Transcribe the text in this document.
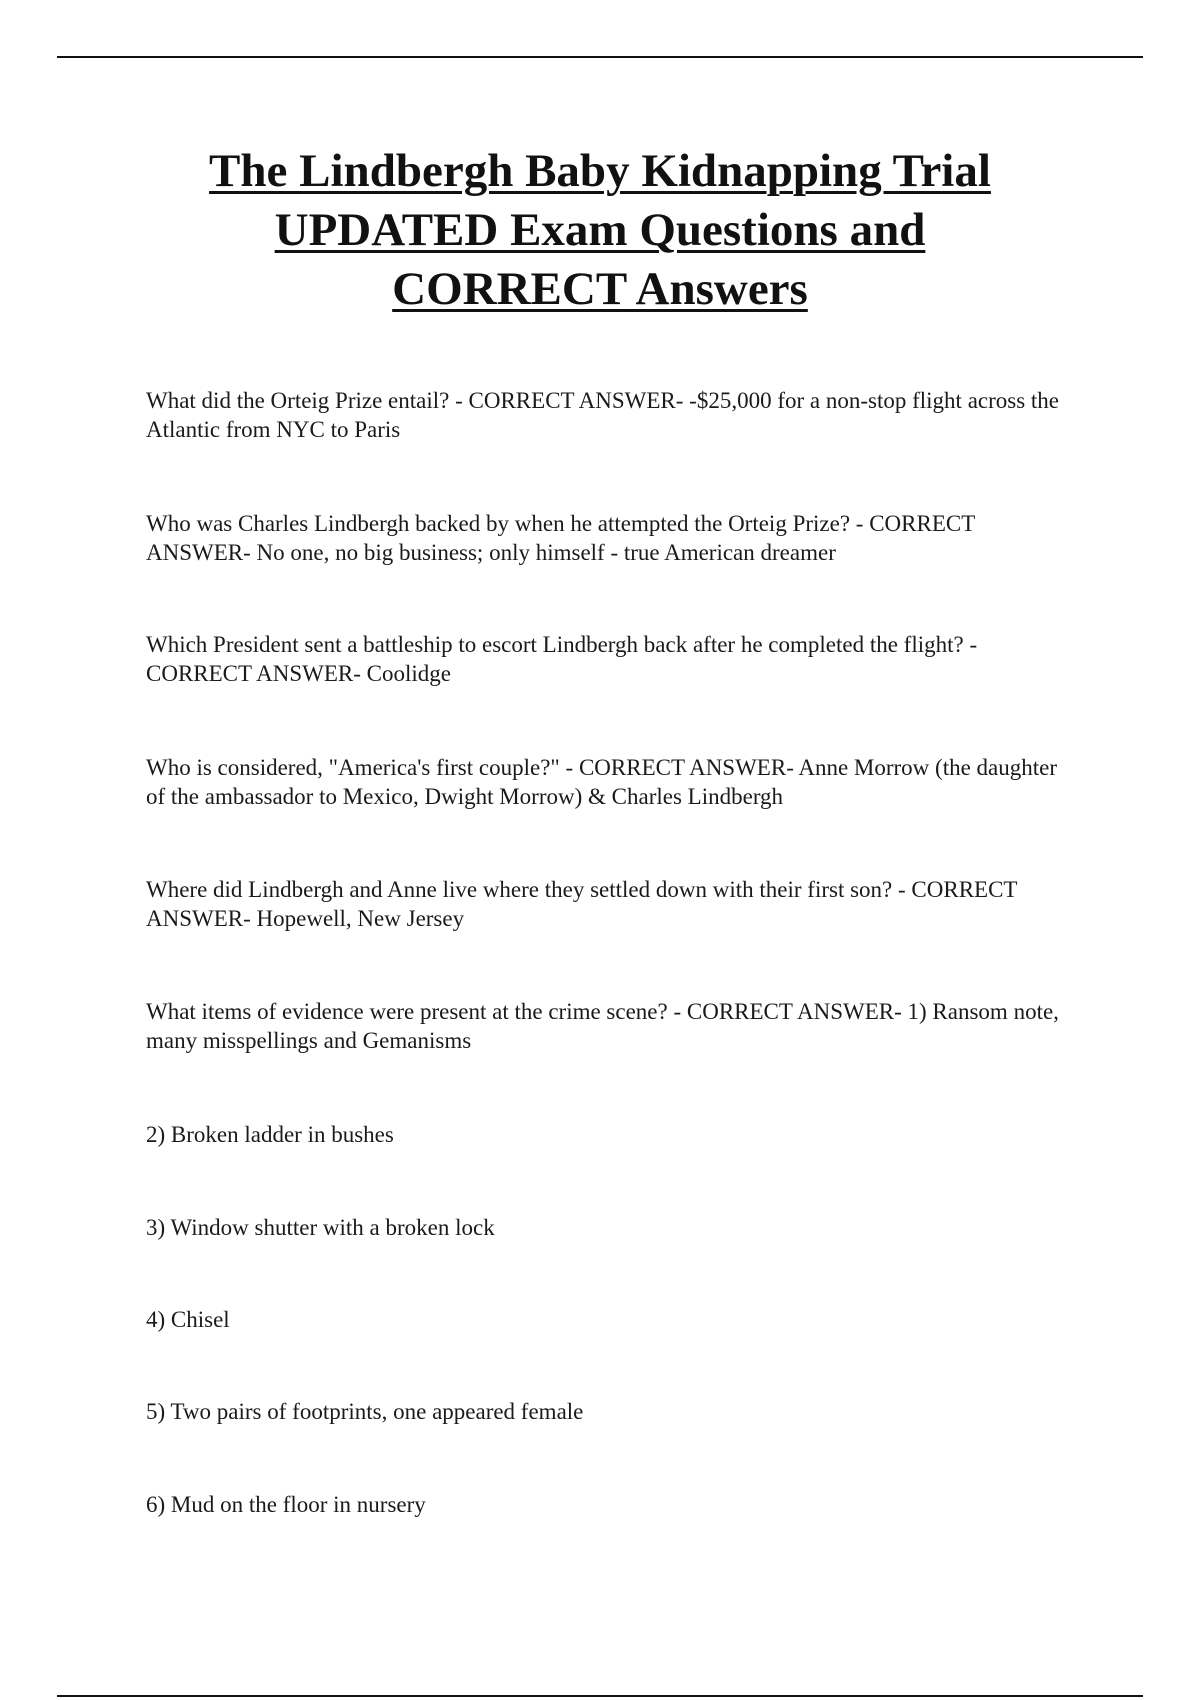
The Lindbergh Baby Kidnapping Trial
UPDATED Exam Questions and
CORRECT Answers

What did the Orteig Prize entail? - CORRECT ANSWER- -$25,000 for a non-stop flight across the Atlantic from NYC to Paris

Who was Charles Lindbergh backed by when he attempted the Orteig Prize? - CORRECT ANSWER- No one, no big business; only himself - true American dreamer

Which President sent a battleship to escort Lindbergh back after he completed the flight? - CORRECT ANSWER- Coolidge

Who is considered, "America's first couple?" - CORRECT ANSWER- Anne Morrow (the daughter of the ambassador to Mexico, Dwight Morrow) & Charles Lindbergh

Where did Lindbergh and Anne live where they settled down with their first son? - CORRECT ANSWER- Hopewell, New Jersey

What items of evidence were present at the crime scene? - CORRECT ANSWER- 1) Ransom note, many misspellings and Gemanisms

2) Broken ladder in bushes

3) Window shutter with a broken lock

4) Chisel

5) Two pairs of footprints, one appeared female

6) Mud on the floor in nursery
